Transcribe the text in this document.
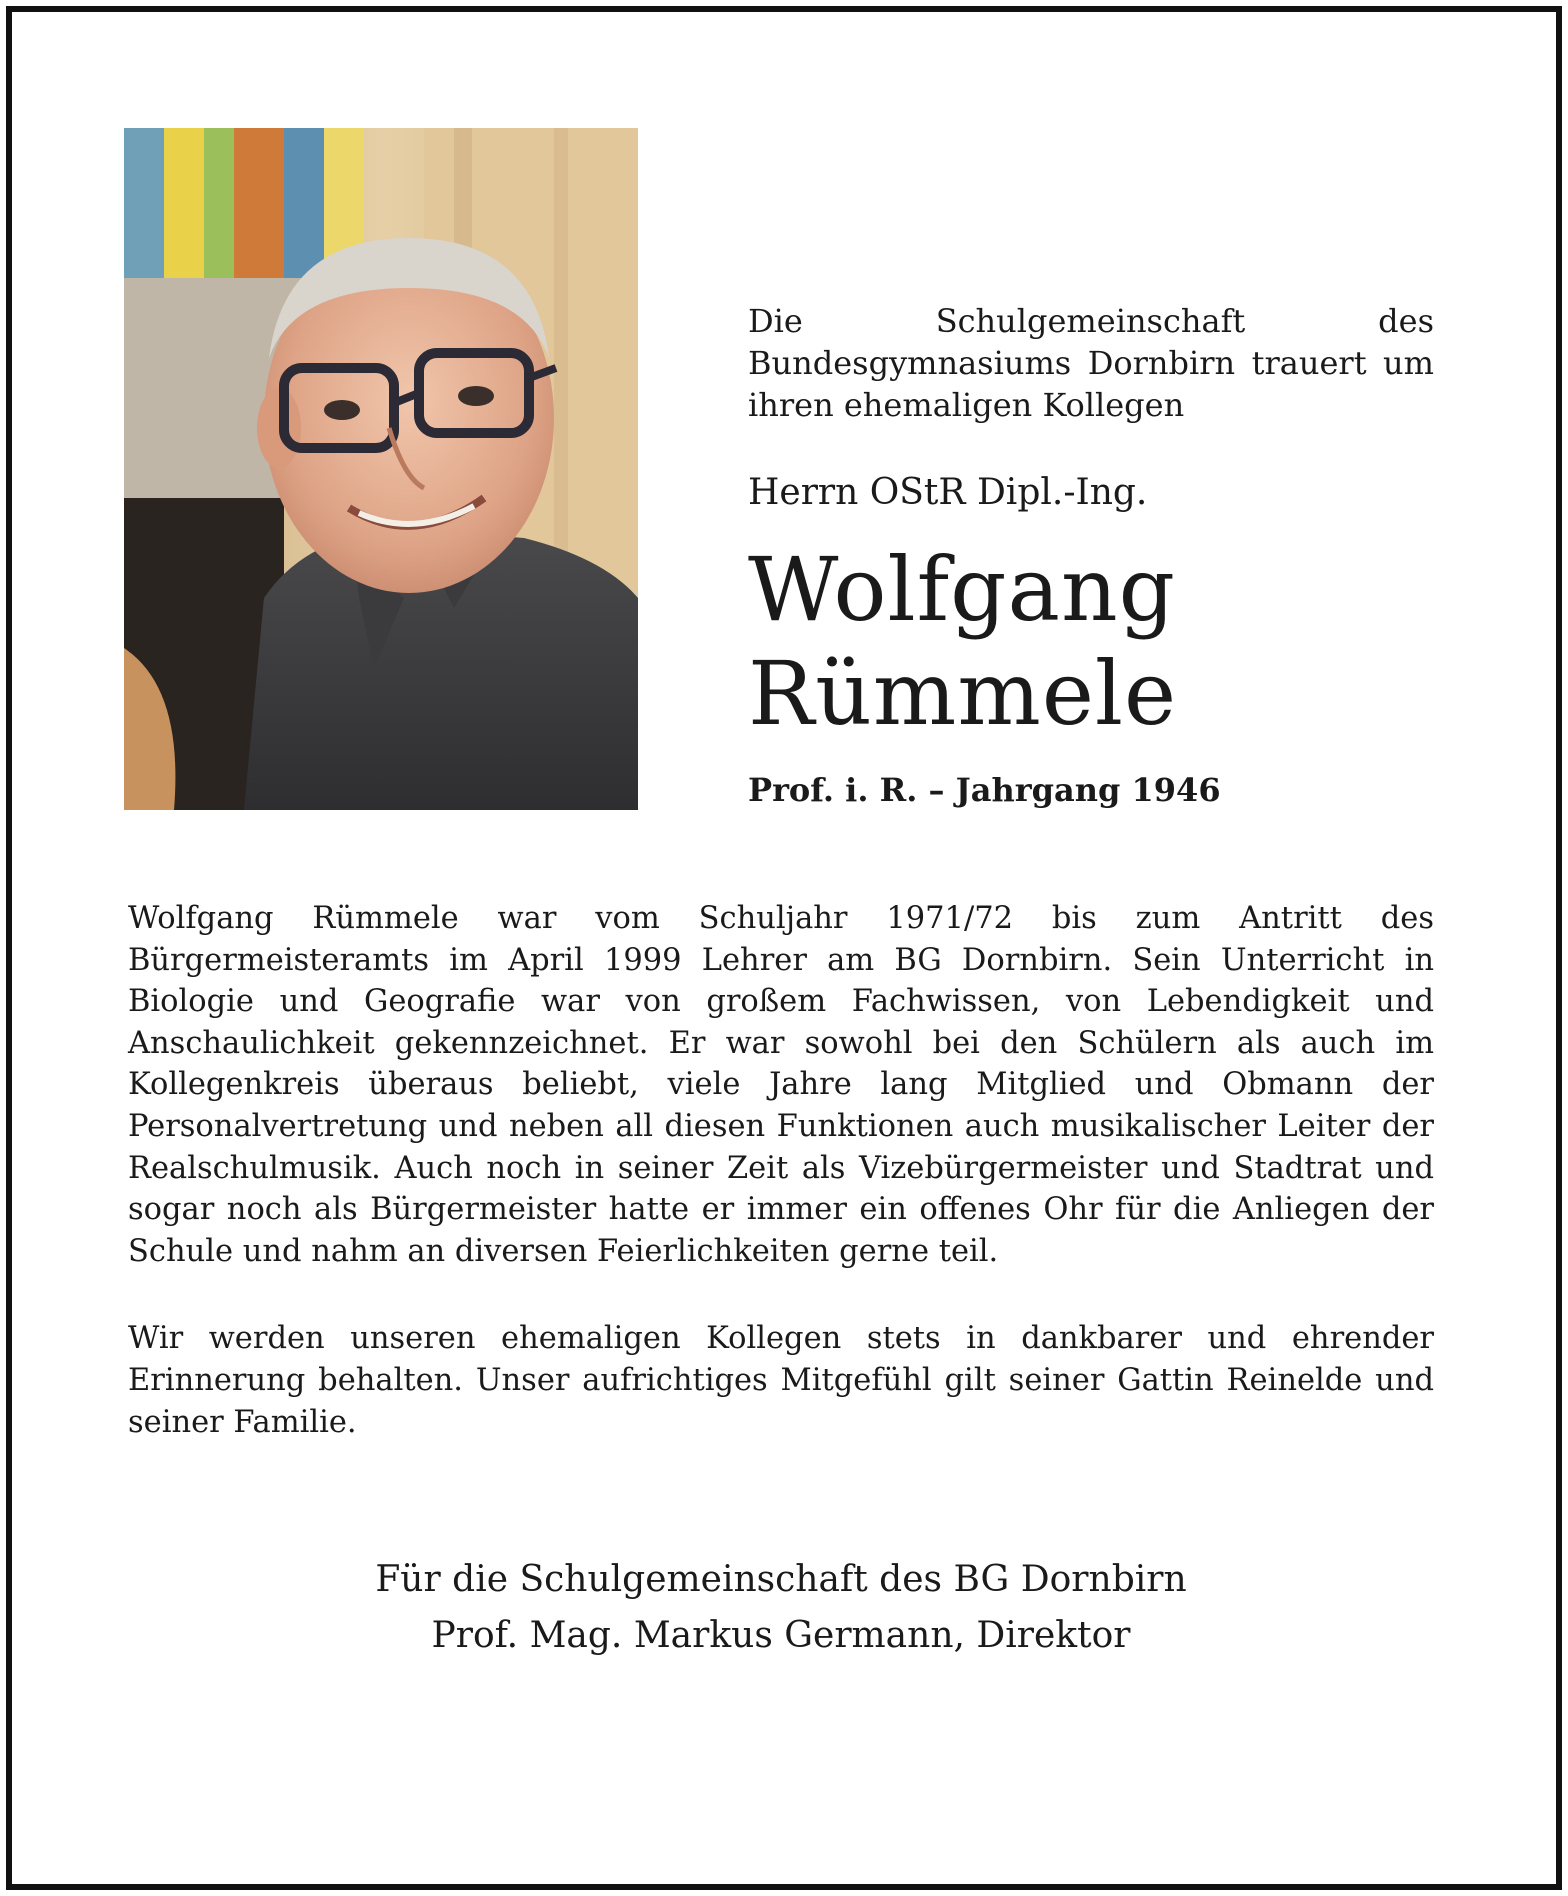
Die Schulgemeinschaft des Bundesgymnasiums Dornbirn trauert um ihren ehemaligen Kollegen
Herrn OStR Dipl.-Ing.
Wolfgang
Rümmele
Prof. i. R. – Jahrgang 1946

Wolfgang Rümmele war vom Schuljahr 1971/72 bis zum Antritt des Bürgermeisteramts im April 1999 Lehrer am BG Dornbirn. Sein Unterricht in Biologie und Geografie war von großem Fachwissen, von Lebendigkeit und Anschaulichkeit gekennzeichnet. Er war sowohl bei den Schülern als auch im Kollegenkreis überaus beliebt, viele Jahre lang Mitglied und Obmann der Personalvertretung und neben all diesen Funktionen auch musikalischer Leiter der Realschulmusik. Auch noch in seiner Zeit als Vizebürgermeister und Stadtrat und sogar noch als Bürgermeister hatte er immer ein offenes Ohr für die Anliegen der Schule und nahm an diversen Feierlichkeiten gerne teil.

Wir werden unseren ehemaligen Kollegen stets in dankbarer und ehrender Erinnerung behalten. Unser aufrichtiges Mitgefühl gilt seiner Gattin Reinelde und seiner Familie.

Für die Schulgemeinschaft des BG Dornbirn
Prof. Mag. Markus Germann, Direktor
